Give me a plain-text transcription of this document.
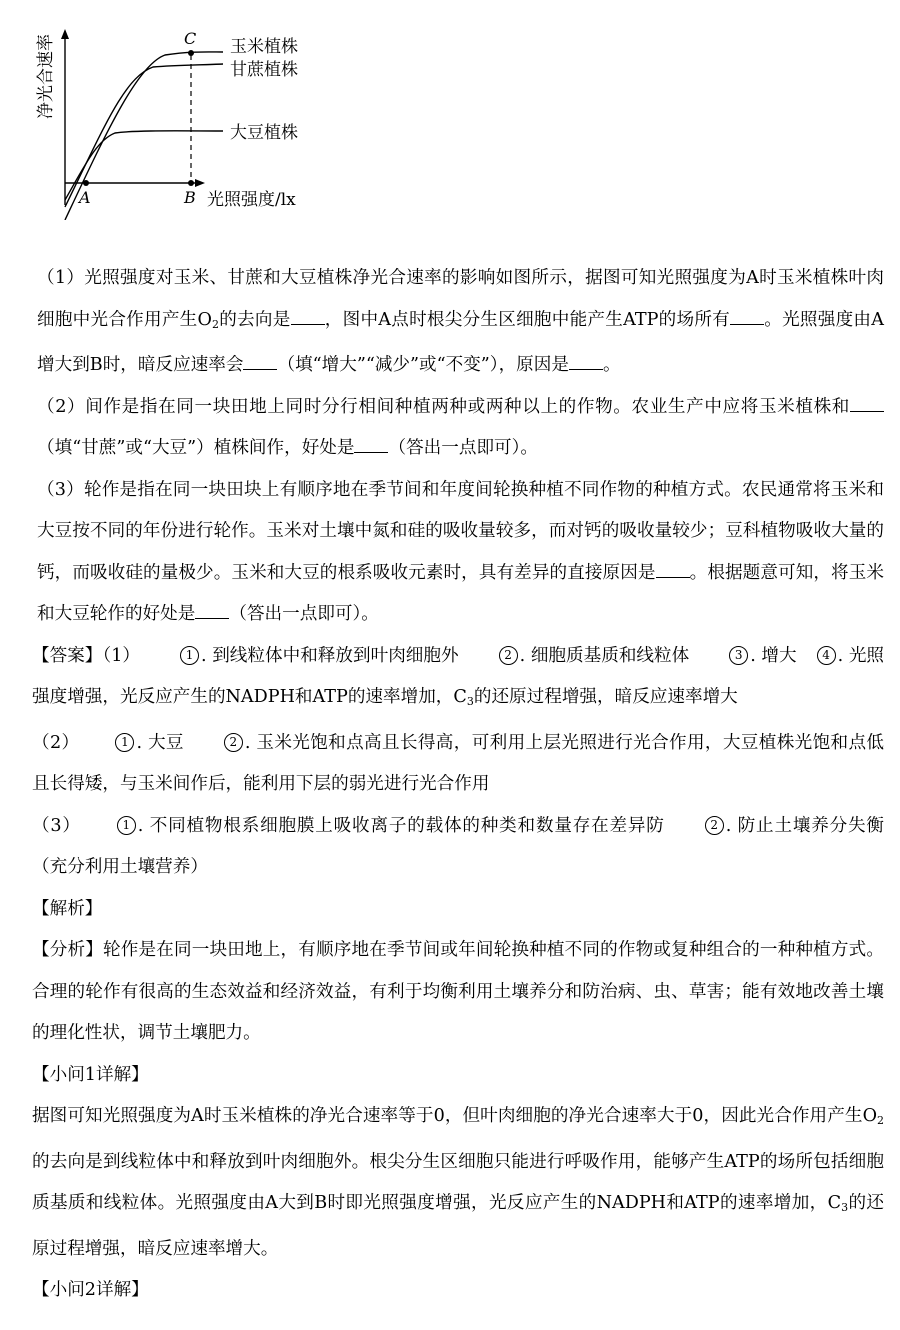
净光合速率
光照强度/lx
A	B
C 玉米植株
甘蔗植株
大豆植株

（1）光照强度对玉米、甘蔗和大豆植株净光合速率的影响如图所示，据图可知光照强度为A时玉米植株叶肉细胞中光合作用产生$O_2$的去向是 ，图中A点时根尖分生区细胞中能产生ATP的场所有 。光照强度由A增大到B时，暗反应速率会 （填“增大”“减少”或“不变”），原因是 。

（2）间作是指在同一块田地上同时分行相间种植两种或两种以上的作物。农业生产中应将玉米植株和（填“甘蔗”或“大豆”）植株间作，好处是 （答出一点即可）。

（3）轮作是指在同一块田块上有顺序地在季节间和年度间轮换种植不同作物的种植方式。农民通常将玉米和大豆按不同的年份进行轮作。玉米对土壤中氮和硅的吸收量较多，而对钙的吸收量较少；豆科植物吸收大量的钙，而吸收硅的量极少。玉米和大豆的根系吸收元素时，具有差异的直接原因是 。根据题意可知，将玉米和大豆轮作的好处是 （答出一点即可）。

【答案】（1）	1 . 到线粒体中和释放到叶肉细胞外	2 . 细胞质基质和线粒体	3 . 增大 4 . 光照强度增强，光反应产生的NADPH和ATP的速率增加，$C_3$的还原过程增强，暗反应速率增大

（2）	1 . 大豆	2 . 玉米光饱和点高且长得高，可利用上层光照进行光合作用，大豆植株光饱和点低且长得矮，与玉米间作后，能利用下层的弱光进行光合作用

（3）	1 . 不同植物根系细胞膜上吸收离子的载体的种类和数量存在差异防	2 . 防止土壤养分失衡（充分利用土壤营养）

【解析】

【分析】轮作是在同一块田地上，有顺序地在季节间或年间轮换种植不同的作物或复种组合的一种种植方式。合理的轮作有很高的生态效益和经济效益，有利于均衡利用土壤养分和防治病、虫、草害；能有效地改善土壤的理化性状，调节土壤肥力。

【小问1详解】

据图可知光照强度为A时玉米植株的净光合速率等于0，但叶肉细胞的净光合速率大于0，因此光合作用产生$O_2$的去向是到线粒体中和释放到叶肉细胞外。根尖分生区细胞只能进行呼吸作用，能够产生ATP的场所包括细胞质基质和线粒体。光照强度由A大到B时即光照强度增强，光反应产生的NADPH和ATP的速率增加，$C_3$的还原过程增强，暗反应速率增大。

【小问2详解】
